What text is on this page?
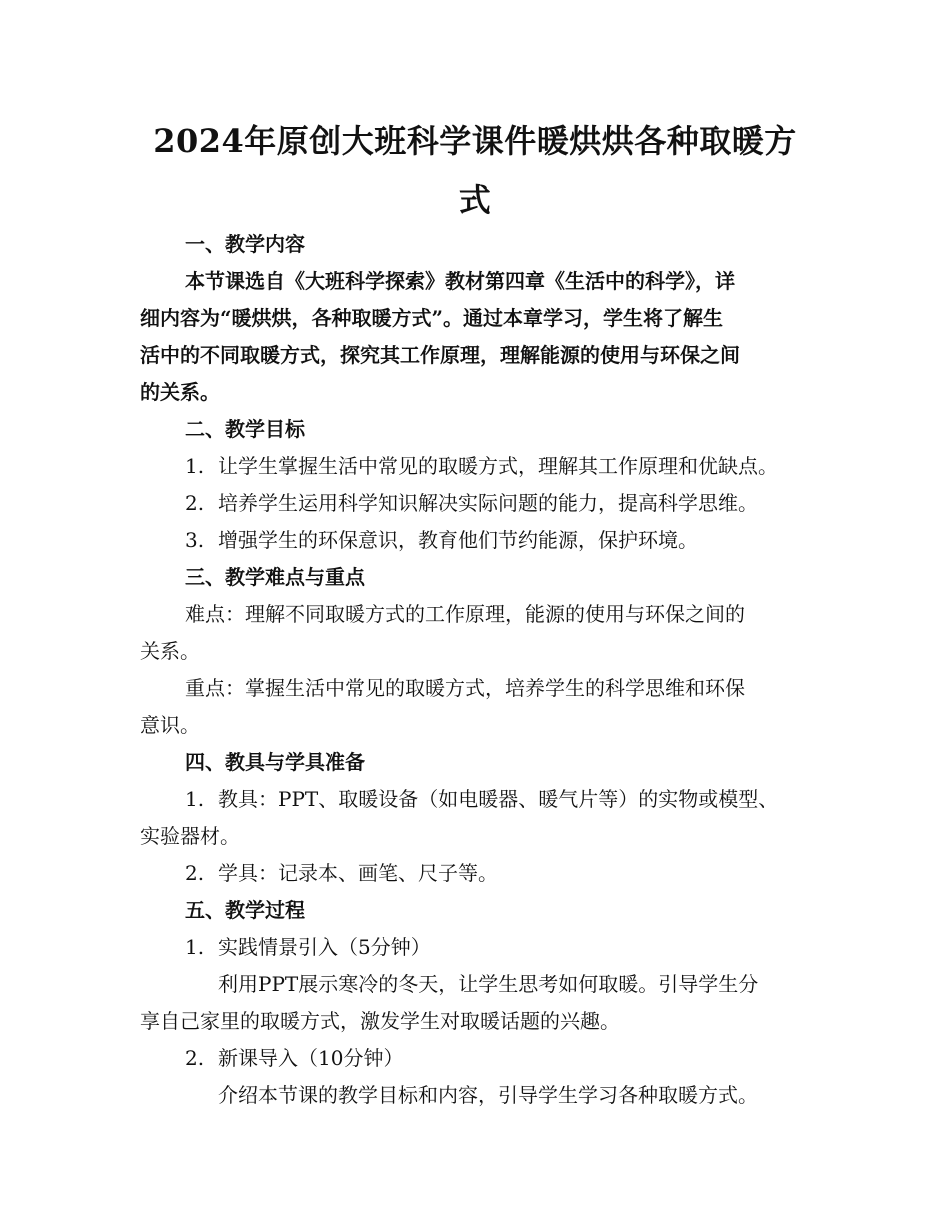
2024年原创大班科学课件暖烘烘各种取暖方式
一、教学内容
本节课选自《大班科学探索》教材第四章《生活中的科学》，详
细内容为“暖烘烘，各种取暖方式”。通过本章学习，学生将了解生
活中的不同取暖方式，探究其工作原理，理解能源的使用与环保之间
的关系。
二、教学目标
1. 让学生掌握生活中常见的取暖方式，理解其工作原理和优缺点。
2. 培养学生运用科学知识解决实际问题的能力，提高科学思维。
3. 增强学生的环保意识，教育他们节约能源，保护环境。
三、教学难点与重点
难点：理解不同取暖方式的工作原理，能源的使用与环保之间的
关系。
重点：掌握生活中常见的取暖方式，培养学生的科学思维和环保
意识。
四、教具与学具准备
1. 教具：PPT、取暖设备（如电暖器、暖气片等）的实物或模型、
实验器材。
2. 学具：记录本、画笔、尺子等。
五、教学过程
1. 实践情景引入（5分钟）
利用PPT展示寒冷的冬天，让学生思考如何取暖。引导学生分
享自己家里的取暖方式，激发学生对取暖话题的兴趣。
2. 新课导入（10分钟）
介绍本节课的教学目标和内容，引导学生学习各种取暖方式。
